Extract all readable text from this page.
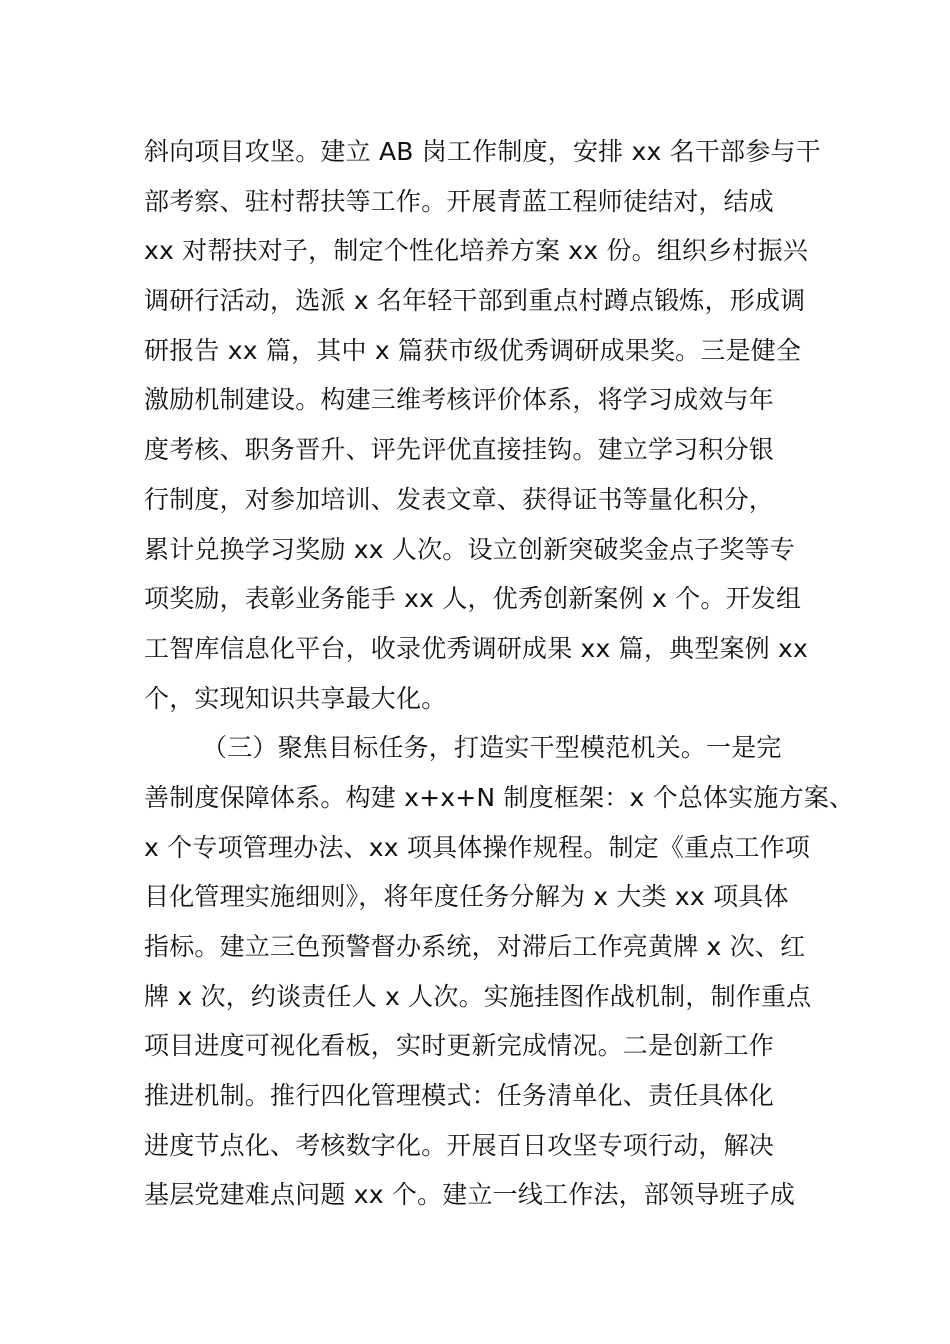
斜向项目攻坚。建立 AB 岗工作制度，安排 xx 名干部参与干
部考察、驻村帮扶等工作。开展青蓝工程师徒结对，结成
xx 对帮扶对子，制定个性化培养方案 xx 份。组织乡村振兴
调研行活动，选派 x 名年轻干部到重点村蹲点锻炼，形成调
研报告 xx 篇，其中 x 篇获市级优秀调研成果奖。三是健全
激励机制建设。构建三维考核评价体系，将学习成效与年
度考核、职务晋升、评先评优直接挂钩。建立学习积分银
行制度，对参加培训、发表文章、获得证书等量化积分，
累计兑换学习奖励 xx 人次。设立创新突破奖金点子奖等专
项奖励，表彰业务能手 xx 人，优秀创新案例 x 个。开发组
工智库信息化平台，收录优秀调研成果 xx 篇，典型案例 xx
个，实现知识共享最大化。
（三）聚焦目标任务，打造实干型模范机关。一是完
善制度保障体系。构建 x+x+N 制度框架：x 个总体实施方案、
x 个专项管理办法、xx 项具体操作规程。制定《重点工作项
目化管理实施细则》，将年度任务分解为 x 大类 xx 项具体
指标。建立三色预警督办系统，对滞后工作亮黄牌 x 次、红
牌 x 次，约谈责任人 x 人次。实施挂图作战机制，制作重点
项目进度可视化看板，实时更新完成情况。二是创新工作
推进机制。推行四化管理模式：任务清单化、责任具体化
进度节点化、考核数字化。开展百日攻坚专项行动，解决
基层党建难点问题 xx 个。建立一线工作法，部领导班子成
